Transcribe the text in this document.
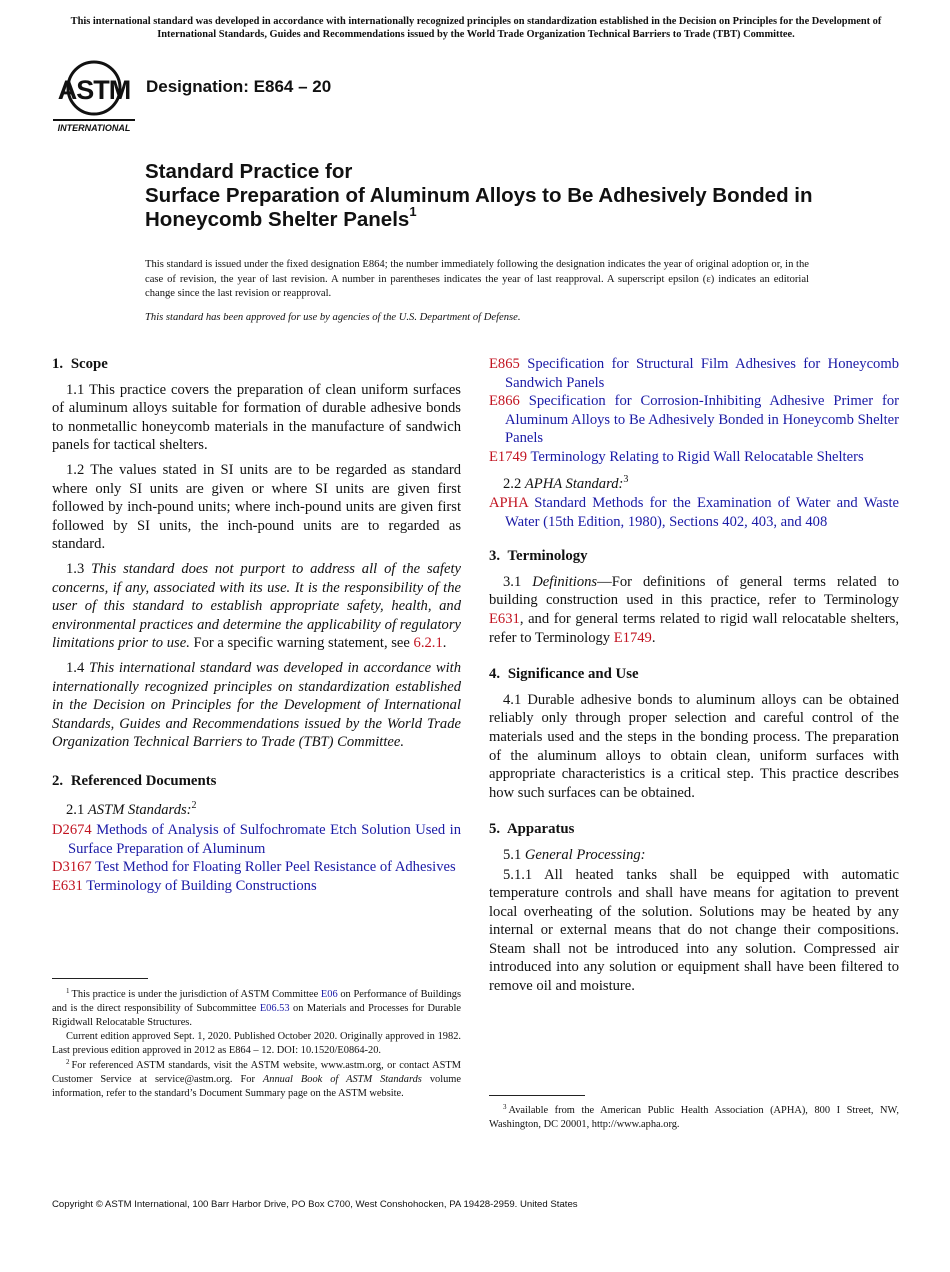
This international standard was developed in accordance with internationally recognized principles on standardization established in the Decision on Principles for the Development of International Standards, Guides and Recommendations issued by the World Trade Organization Technical Barriers to Trade (TBT) Committee.
ASTM
INTERNATIONAL
Designation: E864 – 20
Standard Practice for
Surface Preparation of Aluminum Alloys to Be Adhesively Bonded in Honeycomb Shelter Panels$^1$
This standard is issued under the fixed designation E864; the number immediately following the designation indicates the year of original adoption or, in the case of revision, the year of last revision. A number in parentheses indicates the year of last reapproval. A superscript epsilon (ε) indicates an editorial change since the last revision or reapproval.
This standard has been approved for use by agencies of the U.S. Department of Defense.
1. Scope

1.1 This practice covers the preparation of clean uniform surfaces of aluminum alloys suitable for formation of durable adhesive bonds to nonmetallic honeycomb materials in the manufacture of sandwich panels for tactical shelters.

1.2 The values stated in SI units are to be regarded as standard where only SI units are given or where SI units are given first followed by inch-pound units; where inch-pound units are given first followed by SI units, the inch-pound units are to regarded as standard.

1.3 This standard does not purport to address all of the safety concerns, if any, associated with its use. It is the responsibility of the user of this standard to establish appropriate safety, health, and environmental practices and determine the applicability of regulatory limitations prior to use. For a specific warning statement, see 6.2.1.

1.4 This international standard was developed in accordance with internationally recognized principles on standardization established in the Decision on Principles for the Development of International Standards, Guides and Recommendations issued by the World Trade Organization Technical Barriers to Trade (TBT) Committee.

2. Referenced Documents
2.1 ASTM Standards:$^2$
D2674 Methods of Analysis of Sulfochromate Etch Solution Used in Surface Preparation of Aluminum
D3167 Test Method for Floating Roller Peel Resistance of Adhesives
E631 Terminology of Building Constructions
E865 Specification for Structural Film Adhesives for Honeycomb Sandwich Panels
E866 Specification for Corrosion-Inhibiting Adhesive Primer for Aluminum Alloys to Be Adhesively Bonded in Honeycomb Shelter Panels
E1749 Terminology Relating to Rigid Wall Relocatable Shelters
2.2 APHA Standard:$^3$
APHA Standard Methods for the Examination of Water and Waste Water (15th Edition, 1980), Sections 402, 403, and 408
3. Terminology

3.1 Definitions—For definitions of general terms related to building construction used in this practice, refer to Terminology E631, and for general terms related to rigid wall relocatable shelters, refer to Terminology E1749.

4. Significance and Use

4.1 Durable adhesive bonds to aluminum alloys can be obtained reliably only through proper selection and careful control of the materials used and the steps in the bonding process. The preparation of the aluminum alloys to obtain clean, uniform surfaces with appropriate characteristics is a critical step. This practice describes how such surfaces can be obtained.

5. Apparatus
5.1 General Processing:

5.1.1 All heated tanks shall be equipped with automatic temperature controls and shall have means for agitation to prevent local overheating of the solution. Solutions may be heated by any internal or external means that do not change their compositions. Steam shall not be introduced into any solution. Compressed air introduced into any solution or equipment shall have been filtered to remove oil and moisture.

$^1$ This practice is under the jurisdiction of ASTM Committee E06 on Performance of Buildings and is the direct responsibility of Subcommittee E06.53 on Materials and Processes for Durable Rigidwall Relocatable Structures.

Current edition approved Sept. 1, 2020. Published October 2020. Originally approved in 1982. Last previous edition approved in 2012 as E864 – 12. DOI: 10.1520/E0864-20.

$^2$ For referenced ASTM standards, visit the ASTM website, www.astm.org, or contact ASTM Customer Service at service@astm.org. For Annual Book of ASTM Standards volume information, refer to the standard’s Document Summary page on the ASTM website.

$^3$ Available from the American Public Health Association (APHA), 800 I Street, NW, Washington, DC 20001, http://www.apha.org.

Copyright © ASTM International, 100 Barr Harbor Drive, PO Box C700, West Conshohocken, PA 19428-2959. United States
